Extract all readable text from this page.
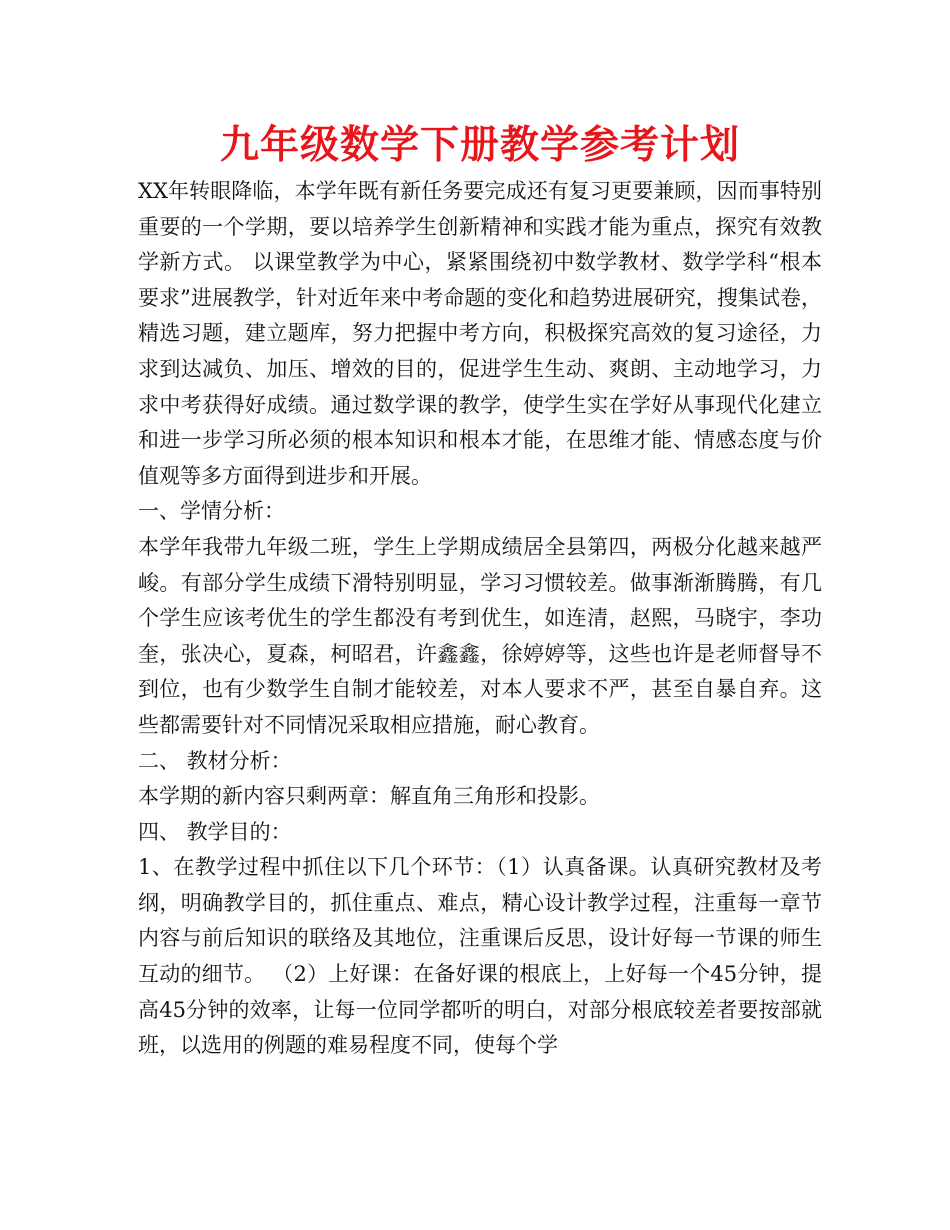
九年级数学下册教学参考计划

XX年转眼降临，本学年既有新任务要完成还有复习更要兼顾，因而事特别重要的一个学期，要以培养学生创新精神和实践才能为重点，探究有效教学新方式。 以课堂教学为中心，紧紧围绕初中数学教材、数学学科“根本要求”进展教学，针对近年来中考命题的变化和趋势进展研究，搜集试卷，精选习题，建立题库，努力把握中考方向，积极探究高效的复习途径，力求到达减负、加压、增效的目的，促进学生生动、爽朗、主动地学习，力求中考获得好成绩。通过数学课的教学，使学生实在学好从事现代化建立和进一步学习所必须的根本知识和根本才能，在思维才能、情感态度与价值观等多方面得到进步和开展。

一、学情分析：

本学年我带九年级二班，学生上学期成绩居全县第四，两极分化越来越严峻。有部分学生成绩下滑特别明显，学习习惯较差。做事渐渐腾腾，有几个学生应该考优生的学生都没有考到优生，如连清，赵熙，马晓宇，李功奎，张决心，夏森，柯昭君，许鑫鑫，徐婷婷等，这些也许是老师督导不到位，也有少数学生自制才能较差，对本人要求不严，甚至自暴自弃。这些都需要针对不同情况采取相应措施，耐心教育。

二、 教材分析：

本学期的新内容只剩两章：解直角三角形和投影。

四、 教学目的：

1、在教学过程中抓住以下几个环节：（1）认真备课。认真研究教材及考纲，明确教学目的，抓住重点、难点，精心设计教学过程，注重每一章节内容与前后知识的联络及其地位，注重课后反思，设计好每一节课的师生互动的细节。 （2）上好课：在备好课的根底上，上好每一个45分钟，提高45分钟的效率，让每一位同学都听的明白，对部分根底较差者要按部就班，以选用的例题的难易程度不同，使每个学
